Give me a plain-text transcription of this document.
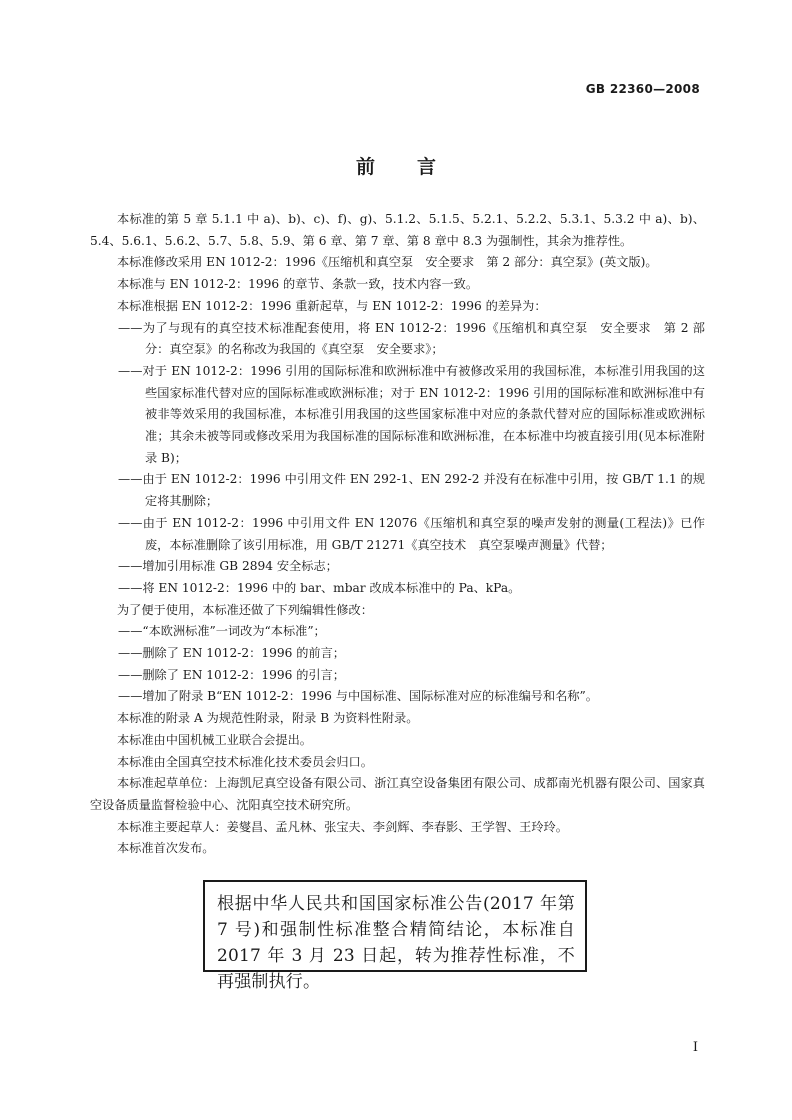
GB 22360—2008
前言

本标准的第 5 章 5.1.1 中 a)、b)、c)、f)、g)、5.1.2、5.1.5、5.2.1、5.2.2、5.3.1、5.3.2 中 a)、b)、5.4、5.6.1、5.6.2、5.7、5.8、5.9、第 6 章、第 7 章、第 8 章中 8.3 为强制性，其余为推荐性。

本标准修改采用 EN 1012-2：1996《压缩机和真空泵　安全要求　第 2 部分：真空泵》(英文版)。

本标准与 EN 1012-2：1996 的章节、条款一致，技术内容一致。

本标准根据 EN 1012-2：1996 重新起草，与 EN 1012-2：1996 的差异为：

——为了与现有的真空技术标准配套使用，将 EN 1012-2：1996《压缩机和真空泵　安全要求　第 2 部分：真空泵》的名称改为我国的《真空泵　安全要求》；

——对于 EN 1012-2：1996 引用的国际标准和欧洲标准中有被修改采用的我国标准，本标准引用我国的这些国家标准代替对应的国际标准或欧洲标准；对于 EN 1012-2：1996 引用的国际标准和欧洲标准中有被非等效采用的我国标准，本标准引用我国的这些国家标准中对应的条款代替对应的国际标准或欧洲标准；其余未被等同或修改采用为我国标准的国际标准和欧洲标准，在本标准中均被直接引用(见本标准附录 B)；

——由于 EN 1012-2：1996 中引用文件 EN 292-1、EN 292-2 并没有在标准中引用，按 GB/T 1.1 的规定将其删除；

——由于 EN 1012-2：1996 中引用文件 EN 12076《压缩机和真空泵的噪声发射的测量(工程法)》已作废，本标准删除了该引用标准，用 GB/T 21271《真空技术　真空泵噪声测量》代替；

——增加引用标准 GB 2894 安全标志；

——将 EN 1012-2：1996 中的 bar、mbar 改成本标准中的 Pa、kPa。

为了便于使用，本标准还做了下列编辑性修改：

——“本欧洲标准”一词改为“本标准”；

——删除了 EN 1012-2：1996 的前言；

——删除了 EN 1012-2：1996 的引言；

——增加了附录 B“EN 1012-2：1996 与中国标准、国际标准对应的标准编号和名称”。

本标准的附录 A 为规范性附录，附录 B 为资料性附录。

本标准由中国机械工业联合会提出。

本标准由全国真空技术标准化技术委员会归口。

本标准起草单位：上海凯尼真空设备有限公司、浙江真空设备集团有限公司、成都南光机器有限公司、国家真空设备质量监督检验中心、沈阳真空技术研究所。

本标准主要起草人：姜燮昌、孟凡林、张宝夫、李剑辉、李春影、王学智、王玲玲。

本标准首次发布。

根据中华人民共和国国家标准公告(2017 年第 7 号)和强制性标准整合精简结论，本标准自 2017 年 3 月 23 日起，转为推荐性标准，不再强制执行。
I
